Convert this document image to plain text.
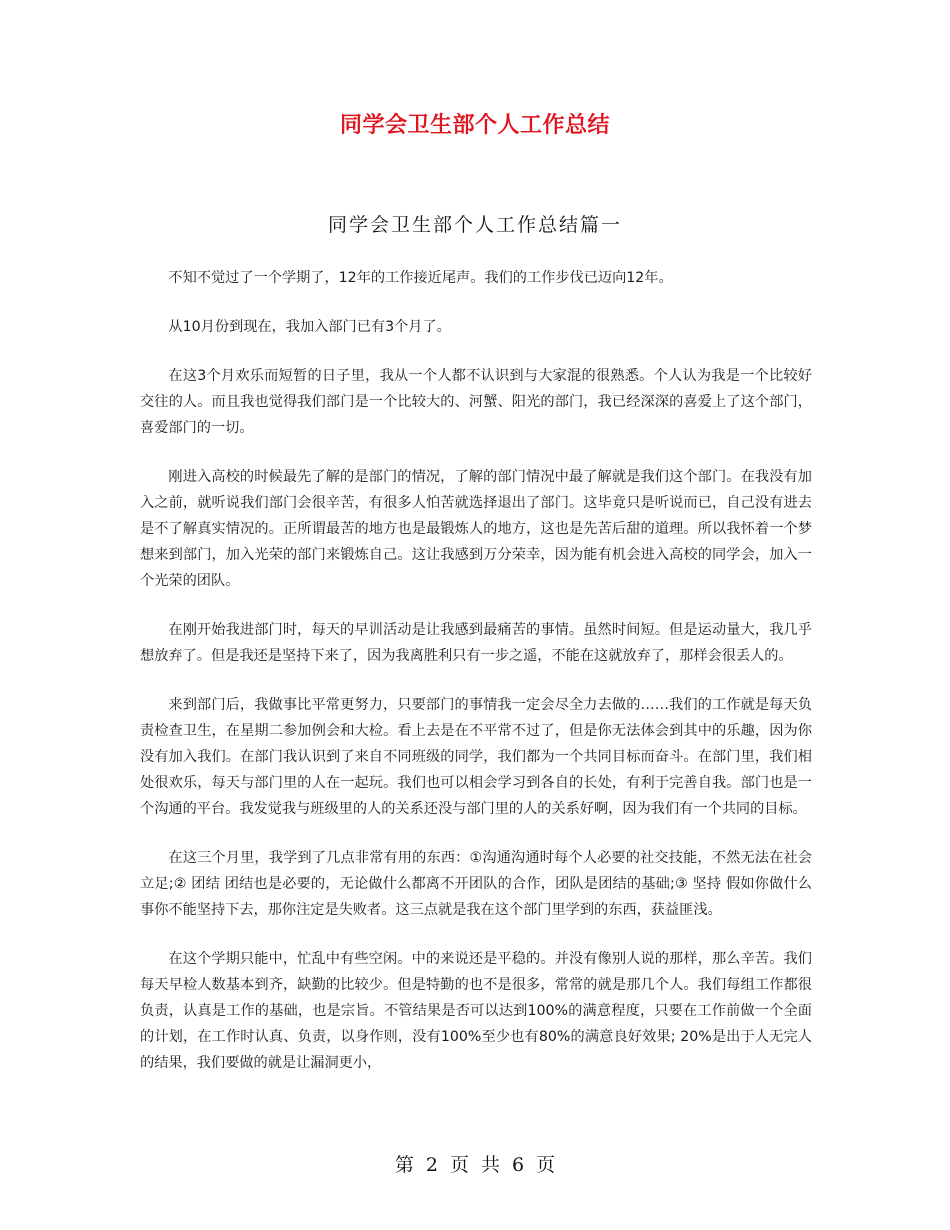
同学会卫生部个人工作总结
同学会卫生部个人工作总结篇一

不知不觉过了一个学期了，12年的工作接近尾声。我们的工作步伐已迈向12年。

从10月份到现在，我加入部门已有3个月了。

在这3个月欢乐而短暂的日子里，我从一个人都不认识到与大家混的很熟悉。个人认为我是一个比较好交往的人。而且我也觉得我们部门是一个比较大的、河蟹、阳光的部门，我已经深深的喜爱上了这个部门，喜爱部门的一切。

刚进入高校的时候最先了解的是部门的情况，了解的部门情况中最了解就是我们这个部门。在我没有加入之前，就听说我们部门会很辛苦，有很多人怕苦就选择退出了部门。这毕竟只是听说而已，自己没有进去是不了解真实情况的。正所谓最苦的地方也是最锻炼人的地方，这也是先苦后甜的道理。所以我怀着一个梦想来到部门，加入光荣的部门来锻炼自己。这让我感到万分荣幸，因为能有机会进入高校的同学会，加入一个光荣的团队。

在刚开始我进部门时，每天的早训活动是让我感到最痛苦的事情。虽然时间短。但是运动量大，我几乎想放弃了。但是我还是坚持下来了，因为我离胜利只有一步之遥，不能在这就放弃了，那样会很丢人的。

来到部门后，我做事比平常更努力，只要部门的事情我一定会尽全力去做的……我们的工作就是每天负责检查卫生，在星期二参加例会和大检。看上去是在不平常不过了，但是你无法体会到其中的乐趣，因为你没有加入我们。在部门我认识到了来自不同班级的同学，我们都为一个共同目标而奋斗。在部门里，我们相处很欢乐，每天与部门里的人在一起玩。我们也可以相会学习到各自的长处，有利于完善自我。部门也是一个沟通的平台。我发觉我与班级里的人的关系还没与部门里的人的关系好啊，因为我们有一个共同的目标。

在这三个月里，我学到了几点非常有用的东西：①沟通沟通时每个人必要的社交技能，不然无法在社会立足;② 团结 团结也是必要的，无论做什么都离不开团队的合作，团队是团结的基础;③ 坚持 假如你做什么事你不能坚持下去，那你注定是失败者。这三点就是我在这个部门里学到的东西，获益匪浅。

在这个学期只能中，忙乱中有些空闲。中的来说还是平稳的。并没有像别人说的那样，那么辛苦。我们每天早检人数基本到齐，缺勤的比较少。但是特勤的也不是很多，常常的就是那几个人。我们每组工作都很负责，认真是工作的基础，也是宗旨。不管结果是否可以达到100%的满意程度，只要在工作前做一个全面的计划，在工作时认真、负责，以身作则，没有100%至少也有80%的满意良好效果; 20%是出于人无完人的结果，我们要做的就是让漏洞更小，

第 2 页 共 6 页
